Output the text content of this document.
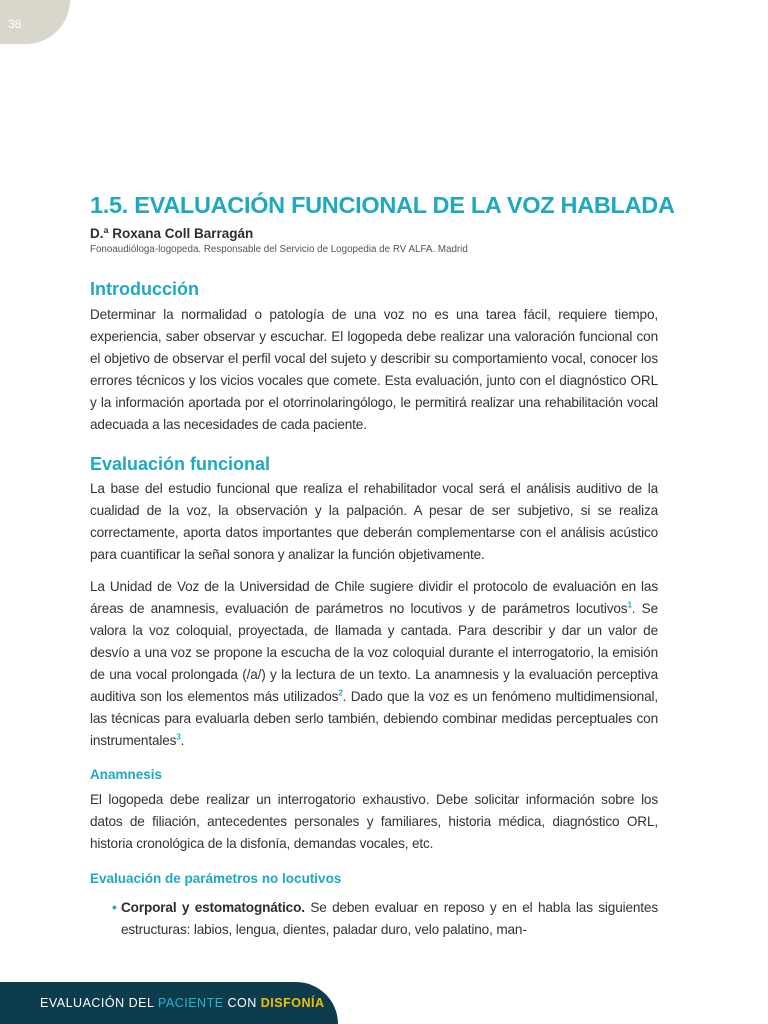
38
1.5. EVALUACIÓN FUNCIONAL DE LA VOZ HABLADA

D.ª Roxana Coll Barragán

Fonoaudióloga-logopeda. Responsable del Servicio de Logopedia de RV ALFA. Madrid

Introducción

Determinar la normalidad o patología de una voz no es una tarea fácil, requiere tiempo, experiencia, saber observar y escuchar. El logopeda debe realizar una valoración funcional con el objetivo de observar el perfil vocal del sujeto y describir su comportamiento vocal, conocer los errores técnicos y los vicios vocales que comete. Esta evaluación, junto con el diagnóstico ORL y la información aportada por el otorrinolaringólogo, le permitirá realizar una rehabilitación vocal adecuada a las necesidades de cada paciente.

Evaluación funcional

La base del estudio funcional que realiza el rehabilitador vocal será el análisis auditivo de la cualidad de la voz, la observación y la palpación. A pesar de ser subjetivo, si se realiza correctamente, aporta datos importantes que deberán complementarse con el análisis acústico para cuantificar la señal sonora y analizar la función objetivamente.

La Unidad de Voz de la Universidad de Chile sugiere dividir el protocolo de evaluación en las áreas de anamnesis, evaluación de parámetros no locutivos y de parámetros locutivos$^1$. Se valora la voz coloquial, proyectada, de llamada y cantada. Para describir y dar un valor de desvío a una voz se propone la escucha de la voz coloquial durante el interrogatorio, la emisión de una vocal prolongada (/a/) y la lectura de un texto. La anamnesis y la evaluación perceptiva auditiva son los elementos más utilizados$^2$. Dado que la voz es un fenómeno multidimensional, las técnicas para evaluarla deben serlo también, debiendo combinar medidas perceptuales con instrumentales$^3$.

Anamnesis

El logopeda debe realizar un interrogatorio exhaustivo. Debe solicitar información sobre los datos de filiación, antecedentes personales y familiares, historia médica, diagnóstico ORL, historia cronológica de la disfonía, demandas vocales, etc.

Evaluación de parámetros no locutivos

• Corporal y estomatognático. Se deben evaluar en reposo y en el habla las siguientes estructuras: labios, lengua, dientes, paladar duro, velo palatino, man-

EVALUACIÓN DEL PACIENTE CON DISFONÍA
